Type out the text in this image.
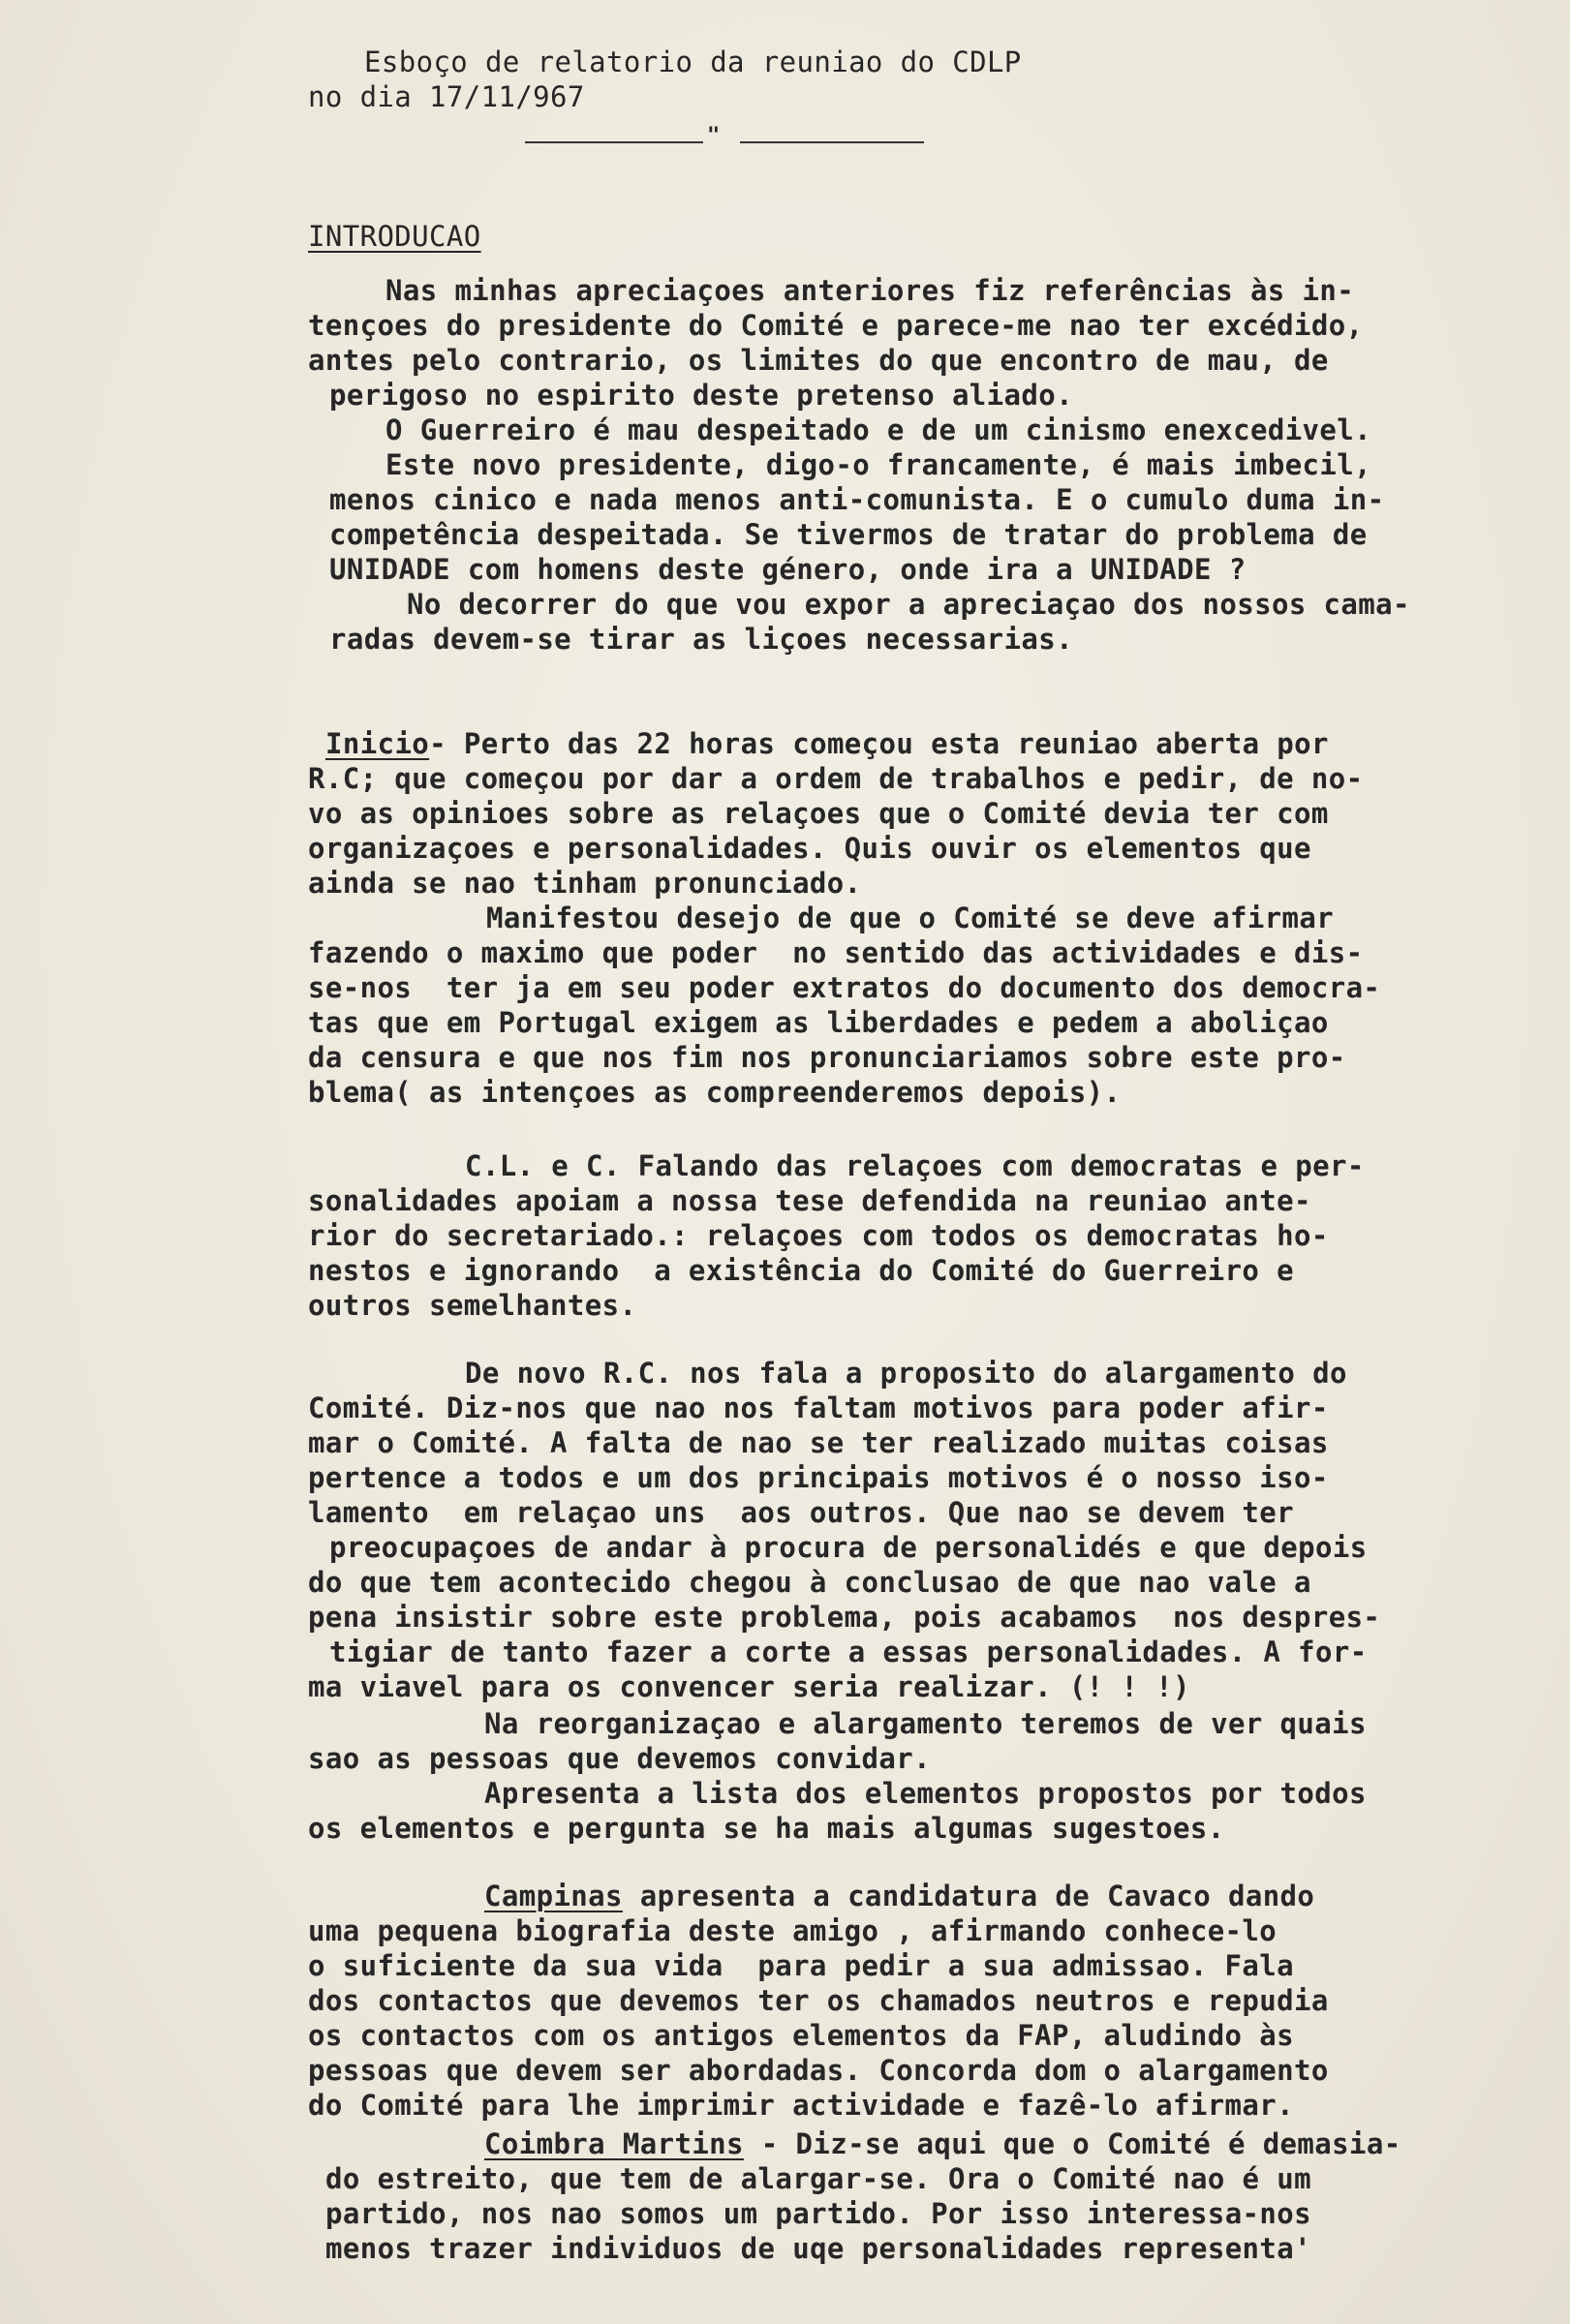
Esboço de relatorio da reuniao do CDLP
no dia 17/11/967
"
INTRODUCAO
Nas minhas apreciaçoes anteriores fiz referências às in-
tençoes do presidente do Comité e parece-me nao ter excédido,
antes pelo contrario, os limites do que encontro de mau, de
perigoso no espirito deste pretenso aliado.
O Guerreiro é mau despeitado e de um cinismo enexcedivel.
Este novo presidente, digo-o francamente, é mais imbecil,
menos cinico e nada menos anti-comunista. E o cumulo duma in-
competência despeitada. Se tivermos de tratar do problema de
UNIDADE com homens deste género, onde ira a UNIDADE ?
No decorrer do que vou expor a apreciaçao dos nossos cama-
radas devem-se tirar as liçoes necessarias.
Inicio- Perto das 22 horas começou esta reuniao aberta por
R.C; que começou por dar a ordem de trabalhos e pedir, de no-
vo as opinioes sobre as relaçoes que o Comité devia ter com
organizaçoes e personalidades. Quis ouvir os elementos que
ainda se nao tinham pronunciado.
Manifestou desejo de que o Comité se deve afirmar
fazendo o maximo que poder  no sentido das actividades e dis-
se-nos  ter ja em seu poder extratos do documento dos democra-
tas que em Portugal exigem as liberdades e pedem a aboliçao
da censura e que nos fim nos pronunciariamos sobre este pro-
blema( as intençoes as compreenderemos depois).
C.L. e C. Falando das relaçoes com democratas e per-
sonalidades apoiam a nossa tese defendida na reuniao ante-
rior do secretariado.: relaçoes com todos os democratas ho-
nestos e ignorando  a existência do Comité do Guerreiro e
outros semelhantes.
De novo R.C. nos fala a proposito do alargamento do
Comité. Diz-nos que nao nos faltam motivos para poder afir-
mar o Comité. A falta de nao se ter realizado muitas coisas
pertence a todos e um dos principais motivos é o nosso iso-
lamento  em relaçao uns  aos outros. Que nao se devem ter
preocupaçoes de andar à procura de personalidés e que depois
do que tem acontecido chegou à conclusao de que nao vale a
pena insistir sobre este problema, pois acabamos  nos despres-
tigiar de tanto fazer a corte a essas personalidades. A for-
ma viavel para os convencer seria realizar. (! ! !)
Na reorganizaçao e alargamento teremos de ver quais
sao as pessoas que devemos convidar.
Apresenta a lista dos elementos propostos por todos
os elementos e pergunta se ha mais algumas sugestoes.
Campinas apresenta a candidatura de Cavaco dando
uma pequena biografia deste amigo , afirmando conhece-lo
o suficiente da sua vida  para pedir a sua admissao. Fala
dos contactos que devemos ter os chamados neutros e repudia
os contactos com os antigos elementos da FAP, aludindo às
pessoas que devem ser abordadas. Concorda dom o alargamento
do Comité para lhe imprimir actividade e fazê-lo afirmar.
Coimbra Martins - Diz-se aqui que o Comité é demasia-
do estreito, que tem de alargar-se. Ora o Comité nao é um
partido, nos nao somos um partido. Por isso interessa-nos
menos trazer individuos de uqe personalidades representa'
